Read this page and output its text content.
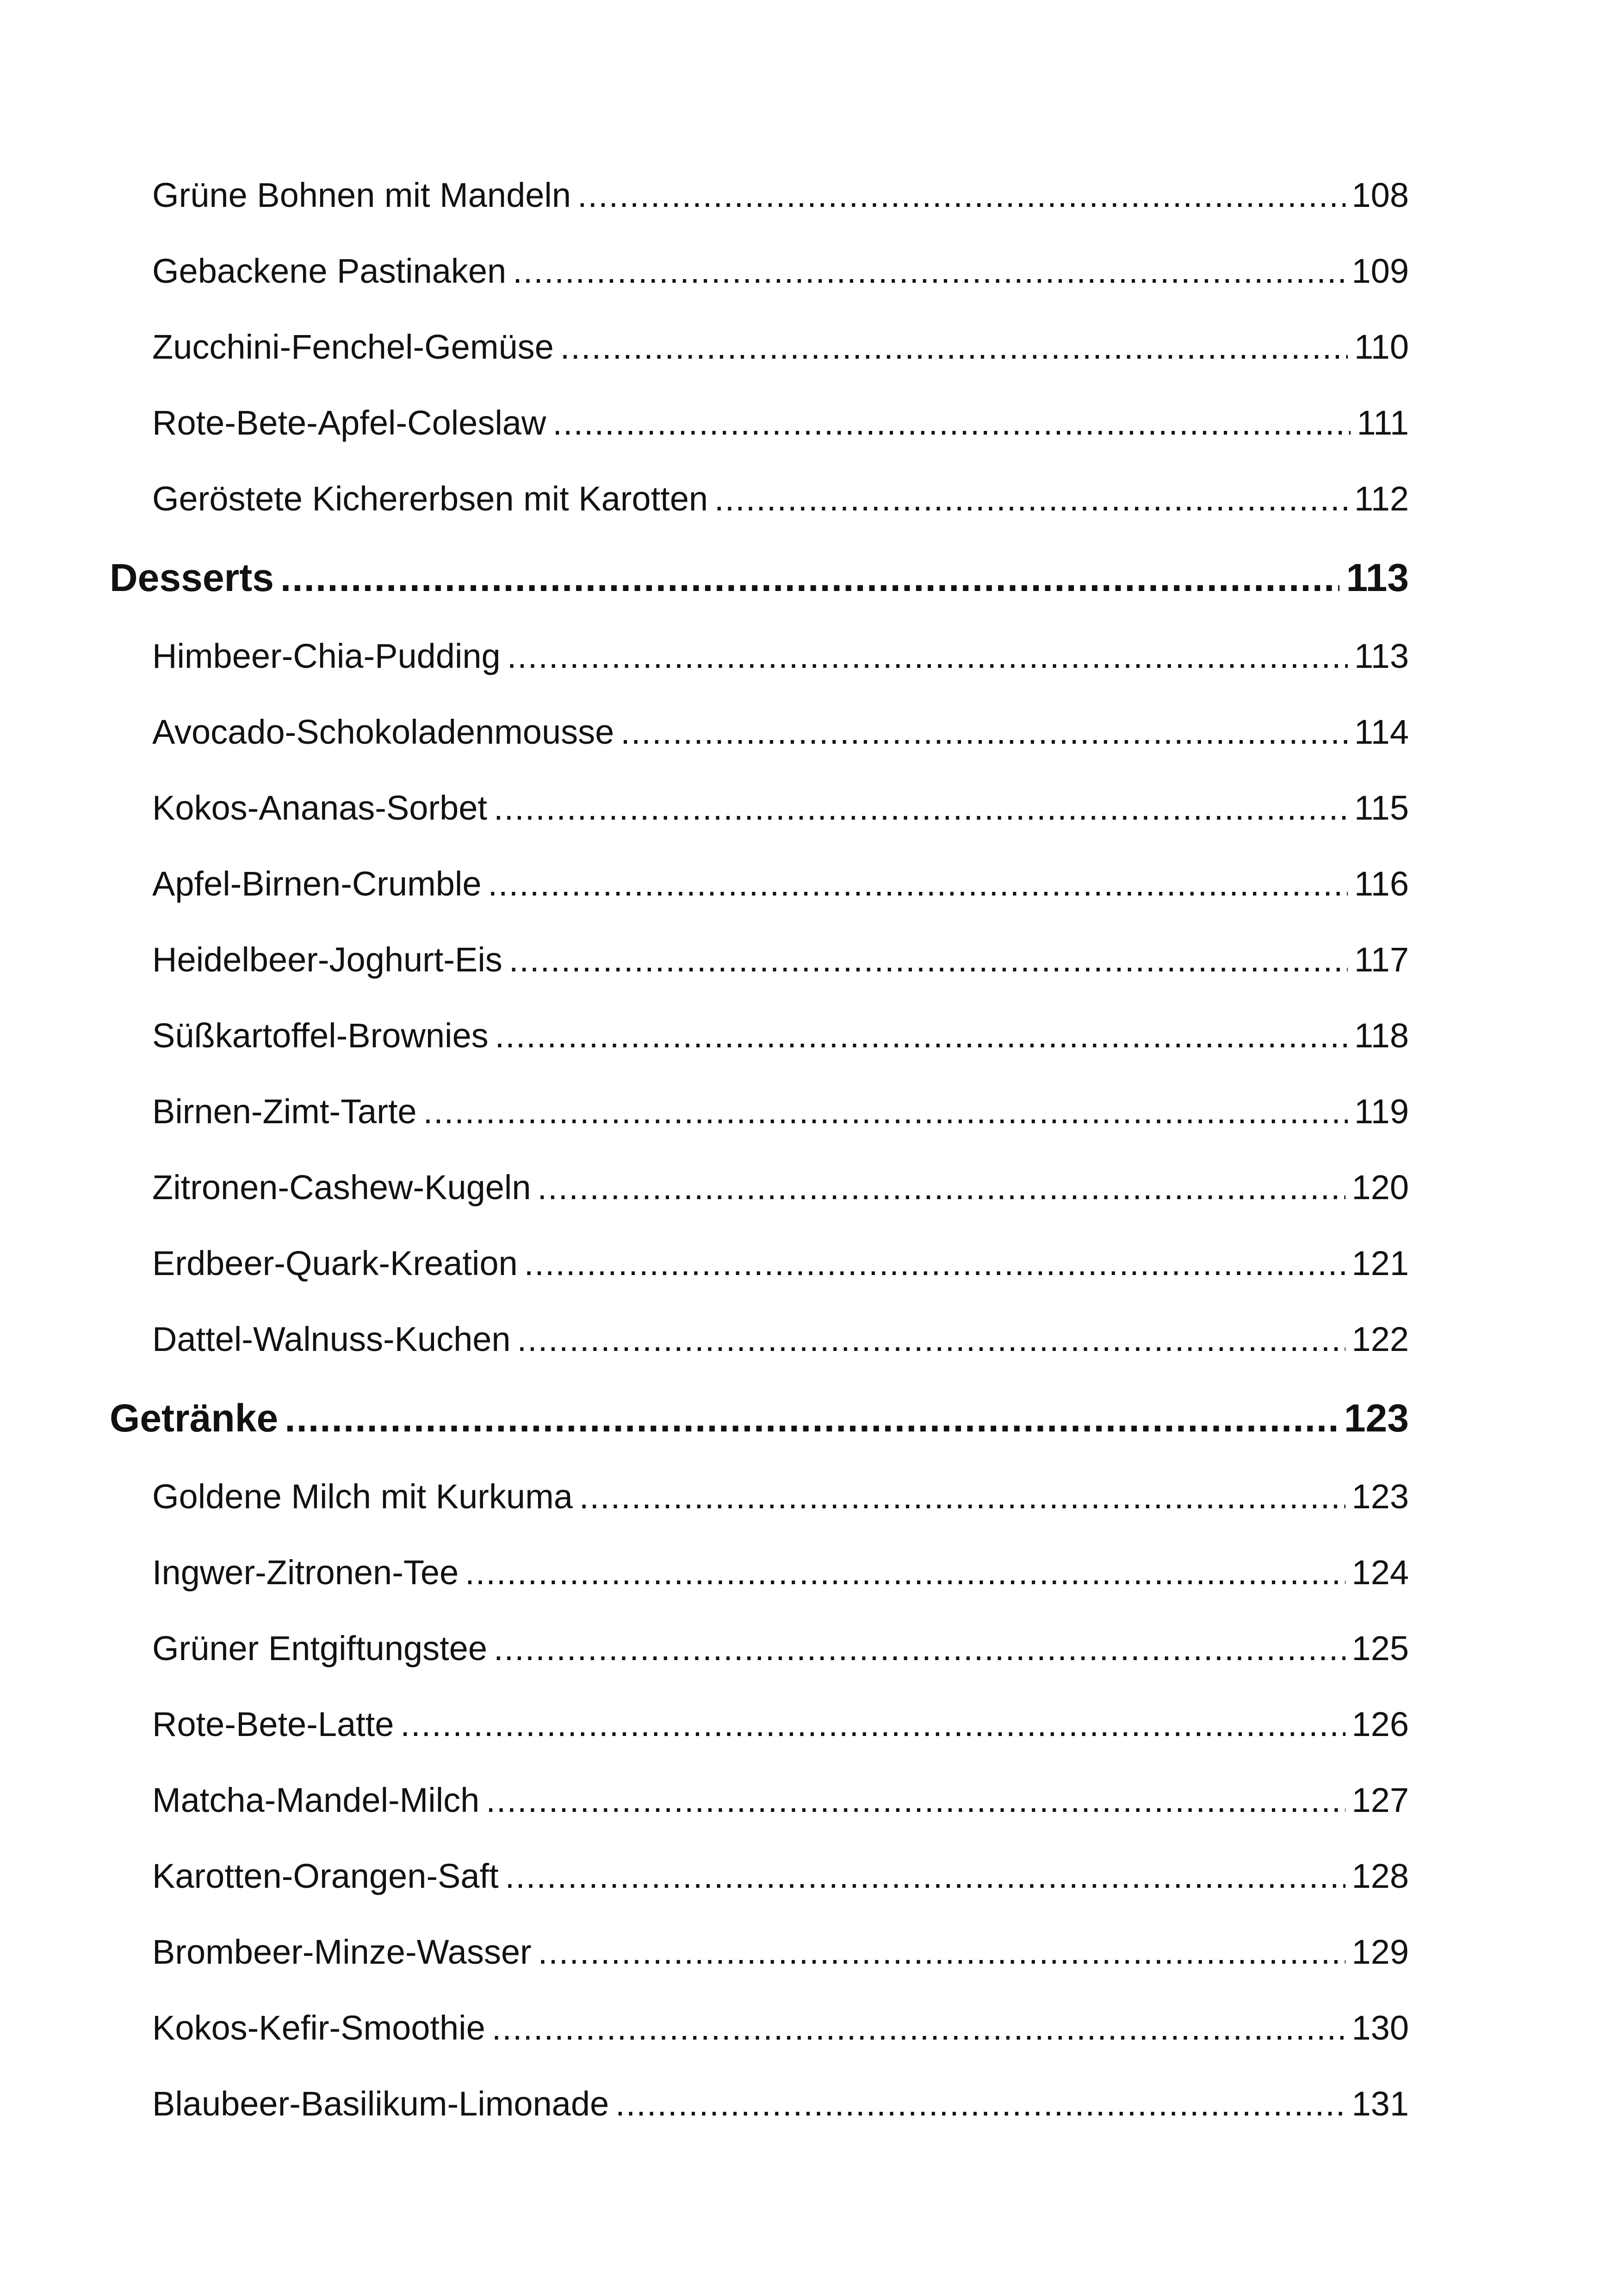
Grüne Bohnen mit Mandeln .....	108
Gebackene Pastinaken .....	109
Zucchini-Fenchel-Gemüse .....	110
Rote-Bete-Apfel-Coleslaw .....	111
Geröstete Kichererbsen mit Karotten .....	112
Desserts .....	113
Himbeer-Chia-Pudding .....	113
Avocado-Schokoladenmousse .....	114
Kokos-Ananas-Sorbet .....	115
Apfel-Birnen-Crumble .....	116
Heidelbeer-Joghurt-Eis .....	117
Süßkartoffel-Brownies .....	118
Birnen-Zimt-Tarte .....	119
Zitronen-Cashew-Kugeln .....	120
Erdbeer-Quark-Kreation .....	121
Dattel-Walnuss-Kuchen .....	122
Getränke .....	123
Goldene Milch mit Kurkuma .....	123
Ingwer-Zitronen-Tee .....	124
Grüner Entgiftungstee .....	125
Rote-Bete-Latte .....	126
Matcha-Mandel-Milch .....	127
Karotten-Orangen-Saft .....	128
Brombeer-Minze-Wasser .....	129
Kokos-Kefir-Smoothie .....	130
Blaubeer-Basilikum-Limonade .....	131
